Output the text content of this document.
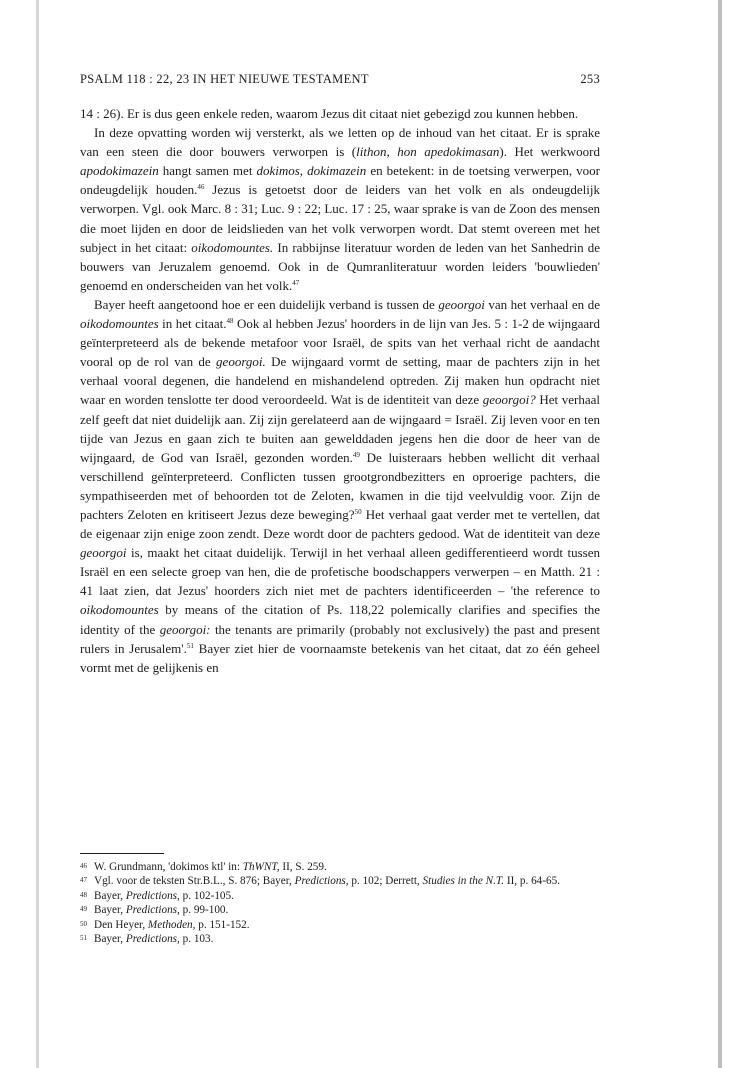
PSALM 118 : 22, 23 IN HET NIEUWE TESTAMENT	253

14 : 26). Er is dus geen enkele reden, waarom Jezus dit citaat niet gebezigd zou kunnen hebben.

In deze opvatting worden wij versterkt, als we letten op de inhoud van het citaat. Er is sprake van een steen die door bouwers verworpen is (lithon, hon apedokimasan). Het werkwoord apodokimazein hangt samen met dokimos, dokimazein en betekent: in de toetsing verwerpen, voor ondeugdelijk houden.$^{46}$ Jezus is getoetst door de leiders van het volk en als ondeugdelijk verworpen. Vgl. ook Marc. 8 : 31; Luc. 9 : 22; Luc. 17 : 25, waar sprake is van de Zoon des mensen die moet lijden en door de leidslieden van het volk verworpen wordt. Dat stemt overeen met het subject in het citaat: oikodomountes. In rabbijnse literatuur worden de leden van het Sanhedrin de bouwers van Jeruzalem genoemd. Ook in de Qumranliteratuur worden leiders 'bouwlieden' genoemd en onderscheiden van het volk.$^{47}$

Bayer heeft aangetoond hoe er een duidelijk verband is tussen de geoorgoi van het verhaal en de oikodomountes in het citaat.$^{48}$ Ook al hebben Jezus' hoorders in de lijn van Jes. 5 : 1-2 de wijngaard geïnterpreteerd als de bekende metafoor voor Israël, de spits van het verhaal richt de aandacht vooral op de rol van de geoorgoi. De wijngaard vormt de setting, maar de pachters zijn in het verhaal vooral degenen, die handelend en mishandelend optreden. Zij maken hun opdracht niet waar en worden tenslotte ter dood veroordeeld. Wat is de identiteit van deze geoorgoi? Het verhaal zelf geeft dat niet duidelijk aan. Zij zijn gerelateerd aan de wijngaard = Israël. Zij leven voor en ten tijde van Jezus en gaan zich te buiten aan gewelddaden jegens hen die door de heer van de wijngaard, de God van Israël, gezonden worden.$^{49}$ De luisteraars hebben wellicht dit verhaal verschillend geïnterpreteerd. Conflicten tussen grootgrondbezitters en oproerige pachters, die sympathiseerden met of behoorden tot de Zeloten, kwamen in die tijd veelvuldig voor. Zijn de pachters Zeloten en kritiseert Jezus deze beweging?$^{50}$ Het verhaal gaat verder met te vertellen, dat de eigenaar zijn enige zoon zendt. Deze wordt door de pachters gedood. Wat de identiteit van deze geoorgoi is, maakt het citaat duidelijk. Terwijl in het verhaal alleen gedifferentieerd wordt tussen Israël en een selecte groep van hen, die de profetische boodschappers verwerpen – en Matth. 21 : 41 laat zien, dat Jezus' hoorders zich niet met de pachters identificeerden – 'the reference to oikodomountes by means of the citation of Ps. 118,22 polemically clarifies and specifies the identity of the geoorgoi: the tenants are primarily (probably not exclusively) the past and present rulers in Jerusalem'.$^{51}$ Bayer ziet hier de voornaamste betekenis van het citaat, dat zo één geheel vormt met de gelijkenis en

46 W. Grundmann, 'dokimos ktl' in: ThWNT, II, S. 259.
47 Vgl. voor de teksten Str.B.L., S. 876; Bayer, Predictions, p. 102; Derrett, Studies in the N.T. II, p. 64-65.
48 Bayer, Predictions, p. 102-105.
49 Bayer, Predictions, p. 99-100.
50 Den Heyer, Methoden, p. 151-152.
51 Bayer, Predictions, p. 103.
